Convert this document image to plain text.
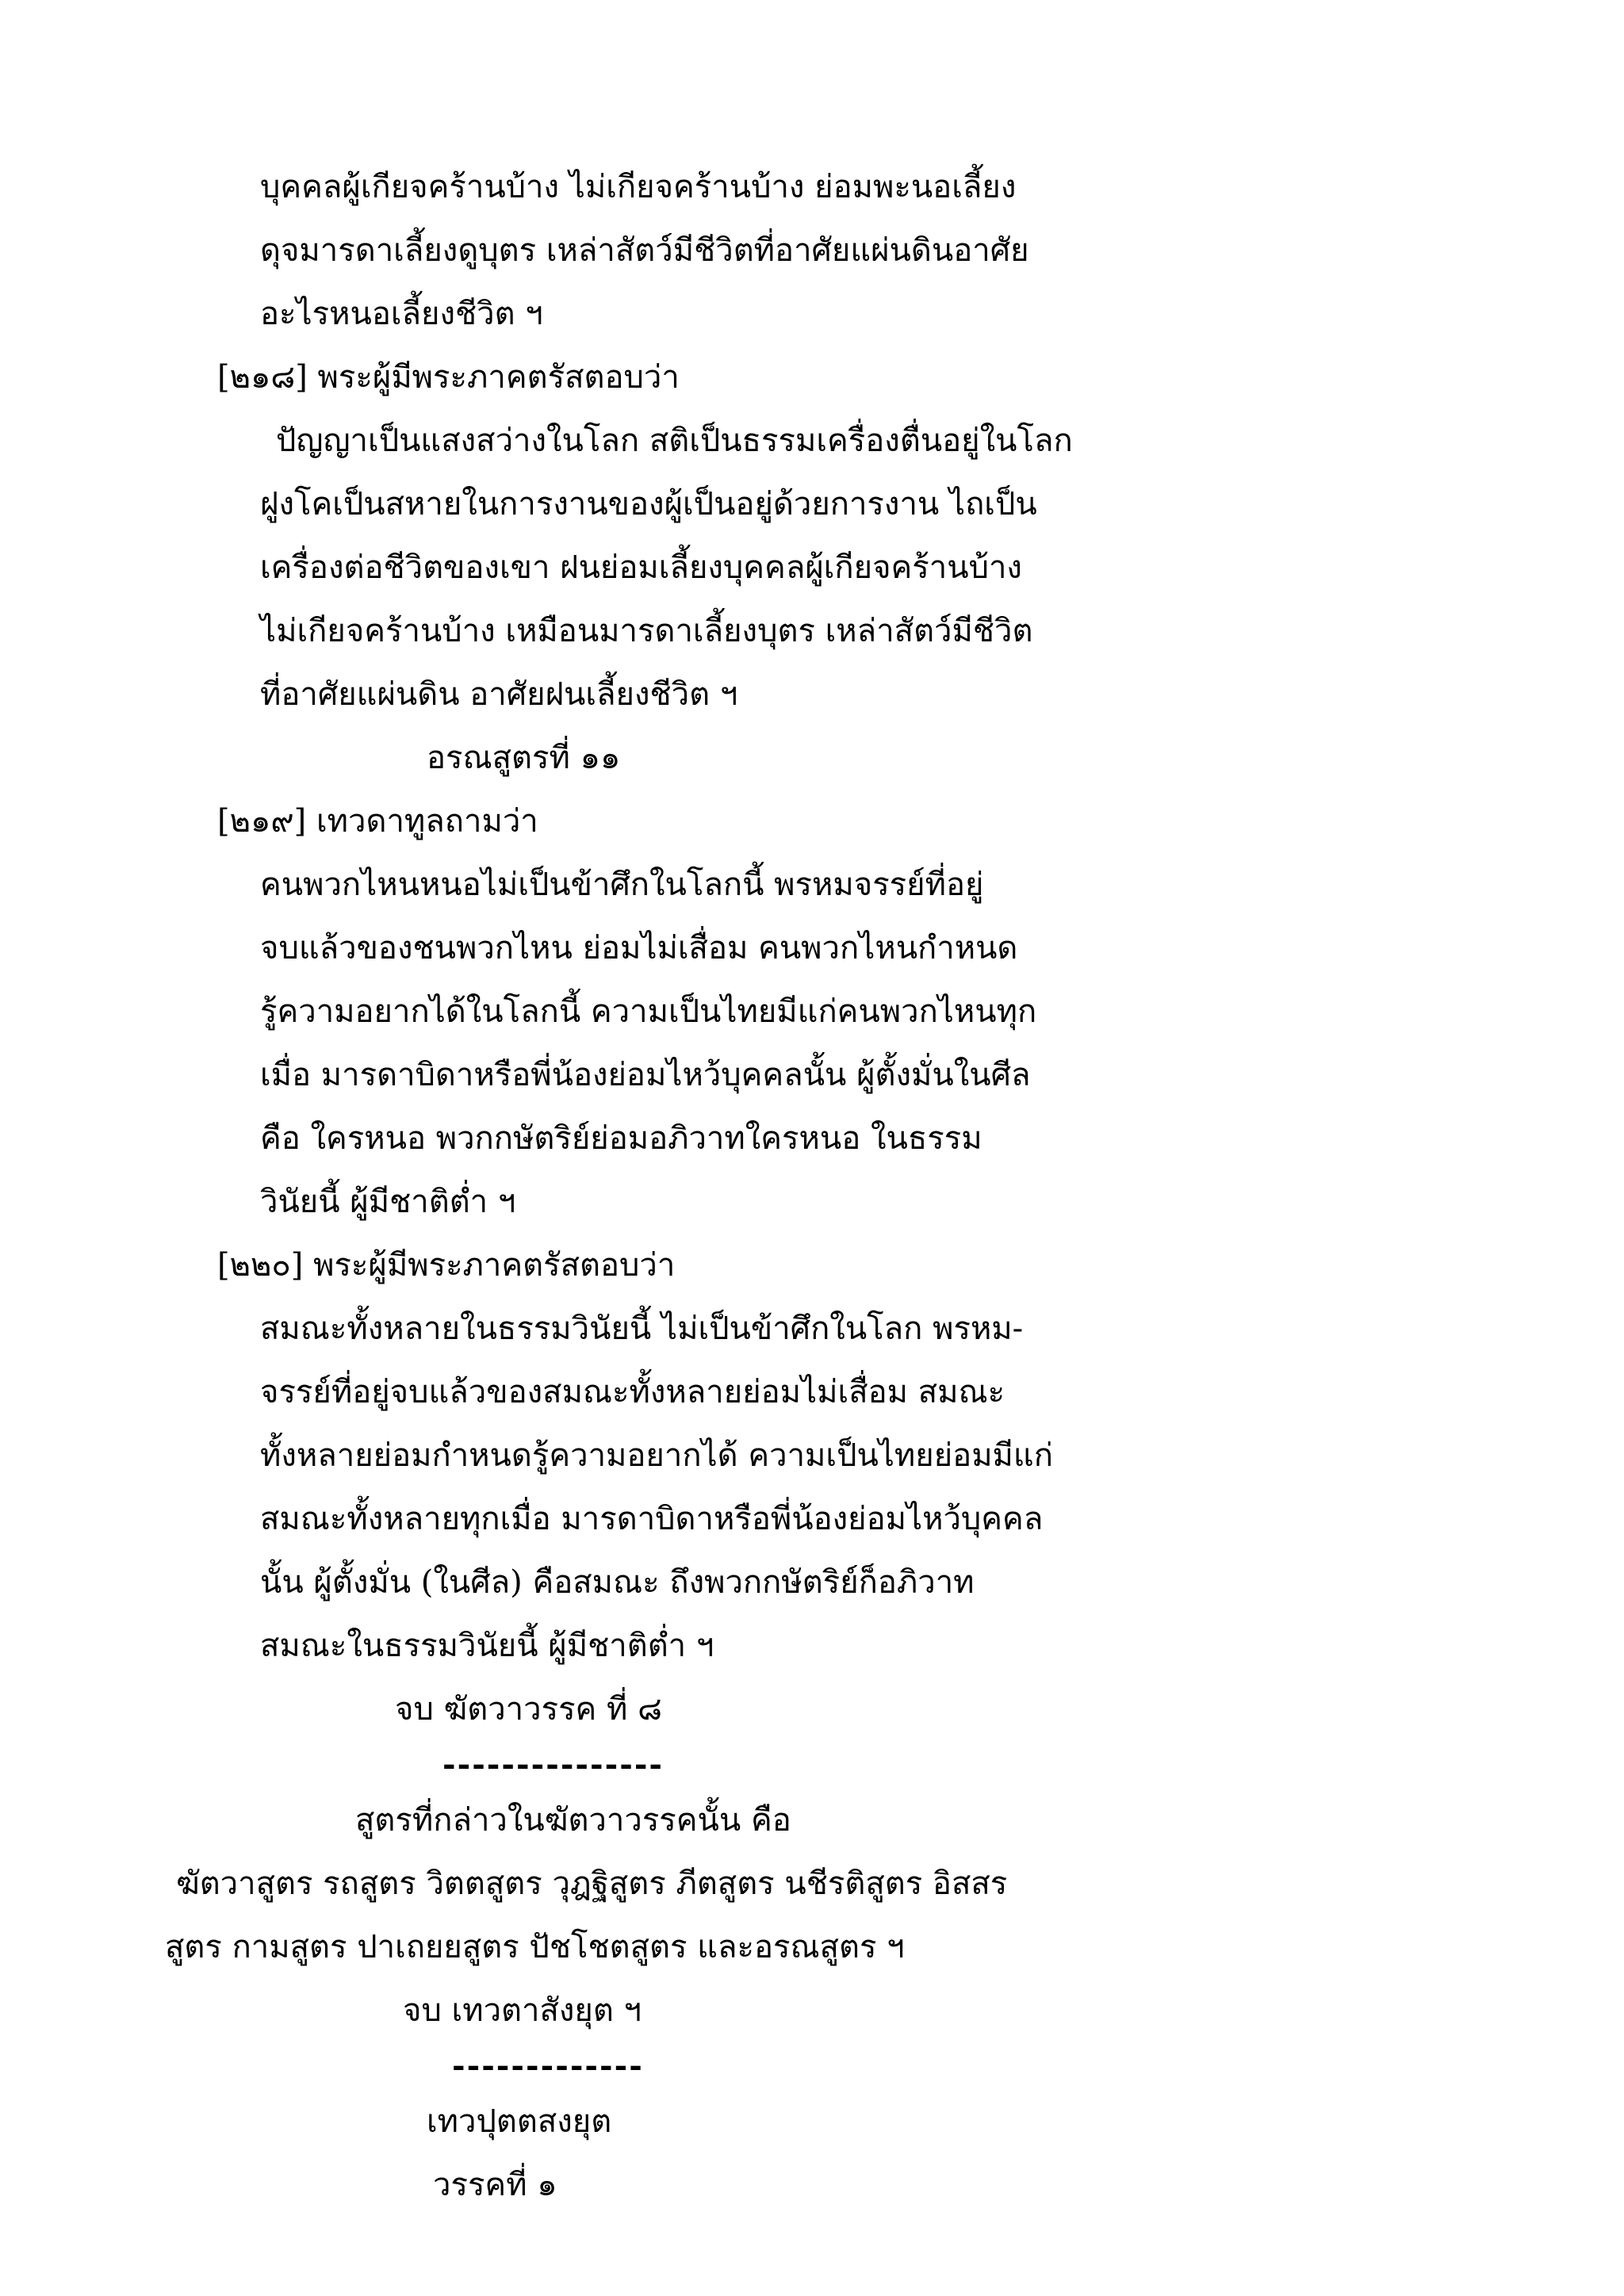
บุคคลผู้เกียจคร้านบ้าง ไม่เกียจคร้านบ้าง ย่อมพะนอเลี้ยง
ดุจมารดาเลี้ยงดูบุตร เหล่าสัตว์มีชีวิตที่อาศัยแผ่นดินอาศัย
อะไรหนอเลี้ยงชีวิต ฯ
[๒๑๘] พระผู้มีพระภาคตรัสตอบว่า
ปัญญาเป็นแสงสว่างในโลก สติเป็นธรรมเครื่องตื่นอยู่ในโลก
ฝูงโคเป็นสหายในการงานของผู้เป็นอยู่ด้วยการงาน ไถเป็น
เครื่องต่อชีวิตของเขา ฝนย่อมเลี้ยงบุคคลผู้เกียจคร้านบ้าง
ไม่เกียจคร้านบ้าง เหมือนมารดาเลี้ยงบุตร เหล่าสัตว์มีชีวิต
ที่อาศัยแผ่นดิน อาศัยฝนเลี้ยงชีวิต ฯ
อรณสูตรที่ ๑๑
[๒๑๙] เทวดาทูลถามว่า
คนพวกไหนหนอไม่เป็นข้าศึกในโลกนี้ พรหมจรรย์ที่อยู่
จบแล้วของชนพวกไหน ย่อมไม่เสื่อม คนพวกไหนกำหนด
รู้ความอยากได้ในโลกนี้ ความเป็นไทยมีแก่คนพวกไหนทุก
เมื่อ มารดาบิดาหรือพี่น้องย่อมไหว้บุคคลนั้น ผู้ตั้งมั่นในศีล
คือ ใครหนอ พวกกษัตริย์ย่อมอภิวาทใครหนอ ในธรรม
วินัยนี้ ผู้มีชาติต่ำ ฯ
[๒๒๐] พระผู้มีพระภาคตรัสตอบว่า
สมณะทั้งหลายในธรรมวินัยนี้ ไม่เป็นข้าศึกในโลก พรหม-
จรรย์ที่อยู่จบแล้วของสมณะทั้งหลายย่อมไม่เสื่อม สมณะ
ทั้งหลายย่อมกำหนดรู้ความอยากได้ ความเป็นไทยย่อมมีแก่
สมณะทั้งหลายทุกเมื่อ มารดาบิดาหรือพี่น้องย่อมไหว้บุคคล
นั้น ผู้ตั้งมั่น (ในศีล) คือสมณะ ถึงพวกกษัตริย์ก็อภิวาท
สมณะในธรรมวินัยนี้ ผู้มีชาติต่ำ ฯ
จบ ฆัตวาวรรค ที่ ๘
---------------
สูตรที่กล่าวในฆัตวาวรรคนั้น คือ
ฆัตวาสูตร รถสูตร วิตตสูตร วุฎฐิสูตร ภีตสูตร นชีรติสูตร อิสสร
สูตร กามสูตร ปาเถยยสูตร ปัชโชตสูตร และอรณสูตร ฯ
จบ เทวตาสังยุต ฯ
-------------
เทวปุตตสงยุต
วรรคที่ ๑
